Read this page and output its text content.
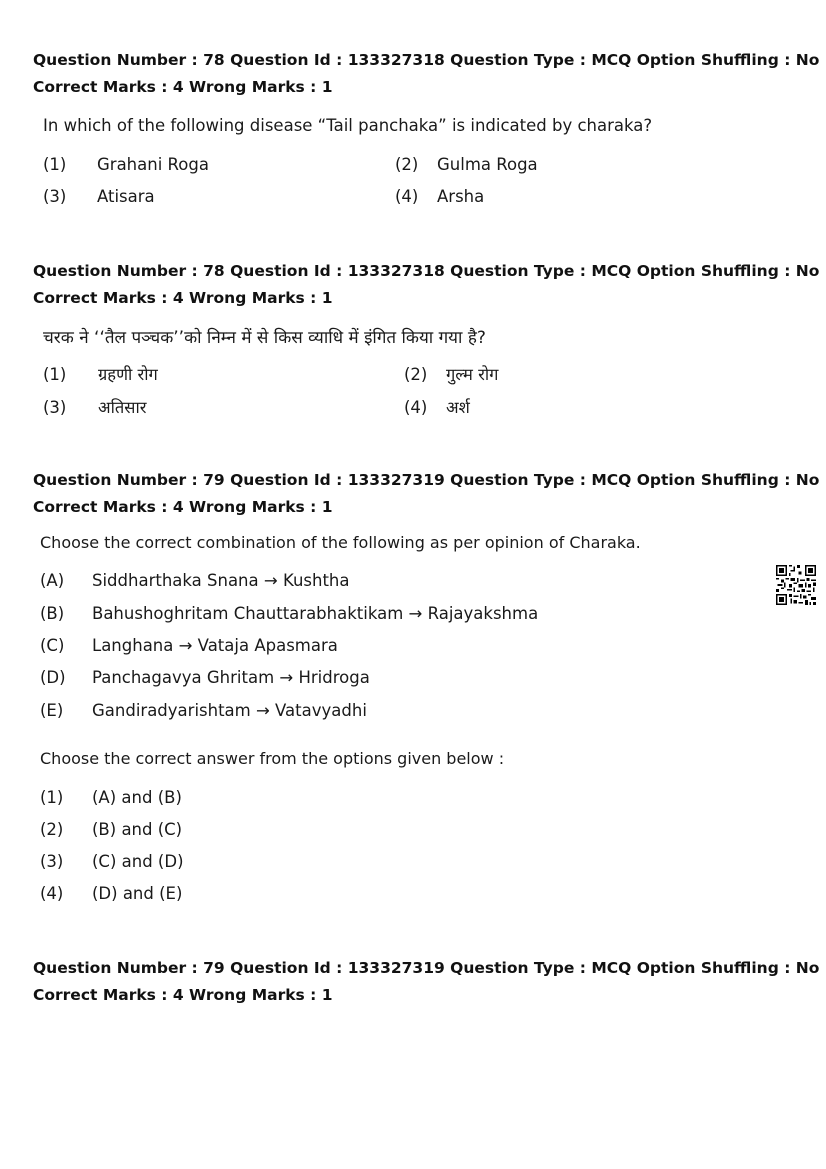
Question Number : 78 Question Id : 133327318 Question Type : MCQ Option Shuffling : No
Correct Marks : 4 Wrong Marks : 1
In which of the following disease “Tail panchaka” is indicated by charaka?
(1) Grahani Roga	(2) Gulma Roga
(3) Atisara	(4) Arsha
Question Number : 78 Question Id : 133327318 Question Type : MCQ Option Shuffling : No
Correct Marks : 4 Wrong Marks : 1
चरक ने ‘‘तैल पञ्चक’’को निम्न में से किस व्याधि में इंगित किया गया है?
(1) ग्रहणी रोग	(2) गुल्म रोग
(3) अतिसार	(4) अर्श
Question Number : 79 Question Id : 133327319 Question Type : MCQ Option Shuffling : No
Correct Marks : 4 Wrong Marks : 1
Choose the correct combination of the following as per opinion of Charaka.
(A) Siddharthaka Snana → Kushtha
(B) Bahushoghritam Chauttarabhaktikam → Rajayakshma
(C) Langhana → Vataja Apasmara
(D) Panchagavya Ghritam → Hridroga
(E) Gandiradyarishtam → Vatavyadhi
Choose the correct answer from the options given below :
(1) (A) and (B)
(2) (B) and (C)
(3) (C) and (D)
(4) (D) and (E)
Question Number : 79 Question Id : 133327319 Question Type : MCQ Option Shuffling : No
Correct Marks : 4 Wrong Marks : 1
